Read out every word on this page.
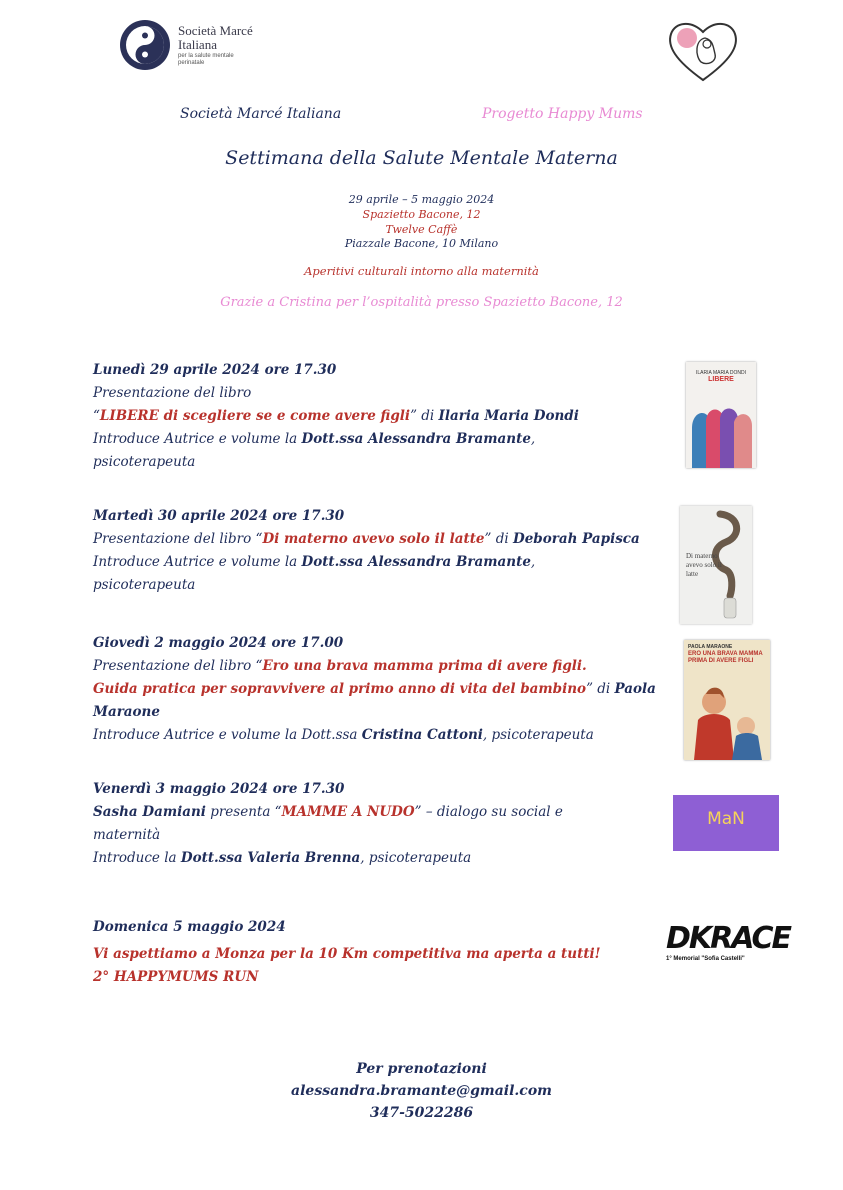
Società Marcé
Italiana
per la salute mentale perinatale
Società Marcé Italiana	Progetto Happy Mums
Settimana della Salute Mentale Materna
29 aprile – 5 maggio 2024
Spazietto Bacone, 12
Twelve Caffè
Piazzale Bacone, 10 Milano
Aperitivi culturali intorno alla maternità
Grazie a Cristina per l’ospitalità presso Spazietto Bacone, 12
Lunedì 29 aprile 2024 ore 17.30
Presentazione del libro
“LIBERE di scegliere se e come avere figli” di Ilaria Maria Dondi
Introduce Autrice e volume la Dott.ssa Alessandra Bramante,
psicoterapeuta
Martedì 30 aprile 2024 ore 17.30
Presentazione del libro “Di materno avevo solo il latte” di Deborah Papisca
Introduce Autrice e volume la Dott.ssa Alessandra Bramante,
psicoterapeuta
Giovedì 2 maggio 2024 ore 17.00
Presentazione del libro “Ero una brava mamma prima di avere figli.
Guida pratica per sopravvivere al primo anno di vita del bambino” di Paola
Maraone
Introduce Autrice e volume la Dott.ssa Cristina Cattoni, psicoterapeuta
Venerdì 3 maggio 2024 ore 17.30
Sasha Damiani presenta “MAMME A NUDO” – dialogo su social e
maternità
Introduce la Dott.ssa Valeria Brenna, psicoterapeuta
Domenica 5 maggio 2024
Vi aspettiamo a Monza per la 10 Km competitiva ma aperta a tutti!
2° HAPPYMUMS RUN
ILARIA MARIA DONDI
LIBERE
Di materno avevo solo il latte
PAOLA MARAONE
ERO UNA BRAVA MAMMA PRIMA DI AVERE FIGLI
MaN
DKRACE
1° Memorial "Sofia Castelli"
Per prenotazioni
alessandra.bramante@gmail.com
347-5022286
